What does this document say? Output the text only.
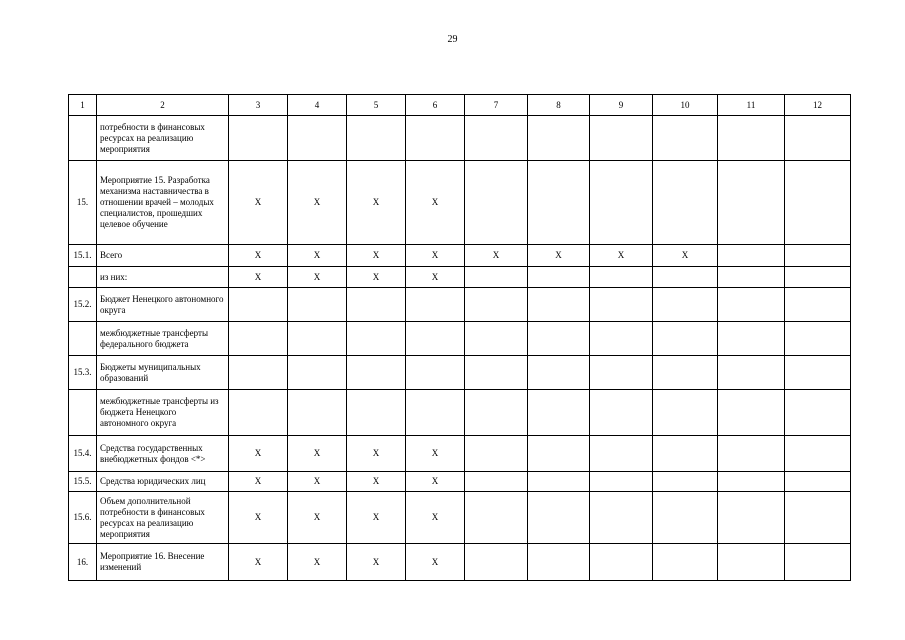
29
1	2	3	4	5	6	7	8	9	10	11	12
	потребности в финансовых ресурсах на реализацию мероприятия										
15.	Мероприятие 15. Разработка механизма наставничества в отношении врачей – молодых специалистов, прошедших целевое обучение	X	X	X	X						
15.1.	Всего	X	X	X	X	X	X	X	X		
	из них:	X	X	X	X						
15.2.	Бюджет Ненецкого автономного округа										
	межбюджетные трансферты федерального бюджета										
15.3.	Бюджеты муниципальных образований										
	межбюджетные трансферты из бюджета Ненецкого автономного округа										
15.4.	Средства государственных внебюджетных фондов <*>	X	X	X	X						
15.5.	Средства юридических лиц	X	X	X	X						
15.6.	Объем дополнительной потребности в финансовых ресурсах на реализацию мероприятия	X	X	X	X						
16.	Мероприятие 16. Внесение изменений	X	X	X	X						
